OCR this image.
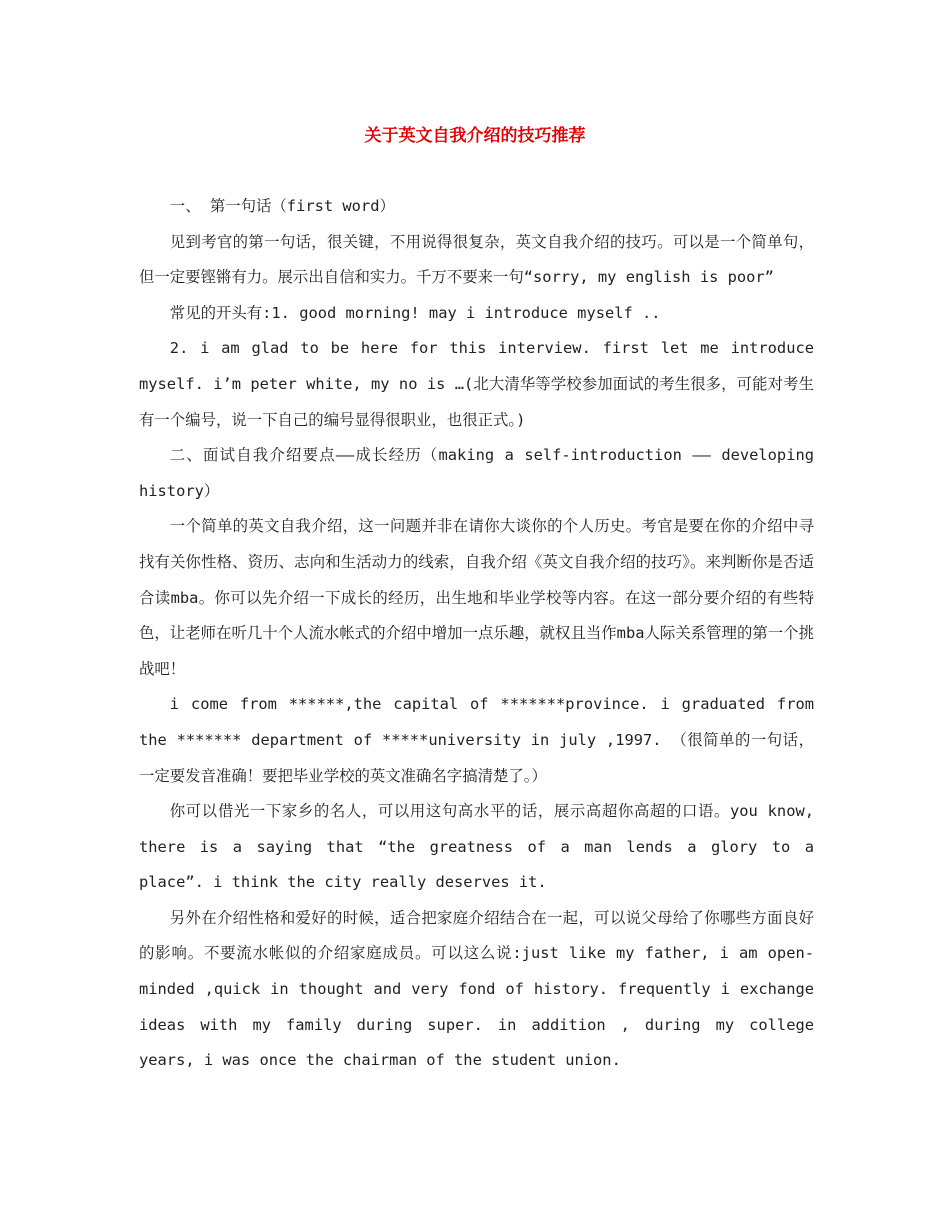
关于英文自我介绍的技巧推荐

一、 第一句话（first word）

见到考官的第一句话，很关键，不用说得很复杂，英文自我介绍的技巧。可以是一个简单句，但一定要铿锵有力。展示出自信和实力。千万不要来一句“sorry, my english is poor”

常见的开头有:1. good morning! may i introduce myself ..

2. i am glad to be here for this interview. first let me introduce myself. i’m peter white, my no is …(北大清华等学校参加面试的考生很多，可能对考生有一个编号，说一下自己的编号显得很职业，也很正式。)

二、面试自我介绍要点——成长经历（making a self-introduction —— developing history）

一个简单的英文自我介绍，这一问题并非在请你大谈你的个人历史。考官是要在你的介绍中寻找有关你性格、资历、志向和生活动力的线索，自我介绍《英文自我介绍的技巧》。来判断你是否适合读mba。你可以先介绍一下成长的经历，出生地和毕业学校等内容。在这一部分要介绍的有些特色，让老师在听几十个人流水帐式的介绍中增加一点乐趣，就权且当作mba人际关系管理的第一个挑战吧！

i come from ******,the capital of *******province. i graduated from the ******* department of *****university in july ,1997. （很简单的一句话，一定要发音准确！要把毕业学校的英文准确名字搞清楚了。）

你可以借光一下家乡的名人，可以用这句高水平的话，展示高超你高超的口语。you know, there is a saying that “the greatness of a man lends a glory to a place”. i think the city really deserves it.

另外在介绍性格和爱好的时候，适合把家庭介绍结合在一起，可以说父母给了你哪些方面良好的影响。不要流水帐似的介绍家庭成员。可以这么说:just like my father, i am open-minded ,quick in thought and very fond of history. frequently i exchange ideas with my family during super. in addition , during my college years, i was once the chairman of the student union.
